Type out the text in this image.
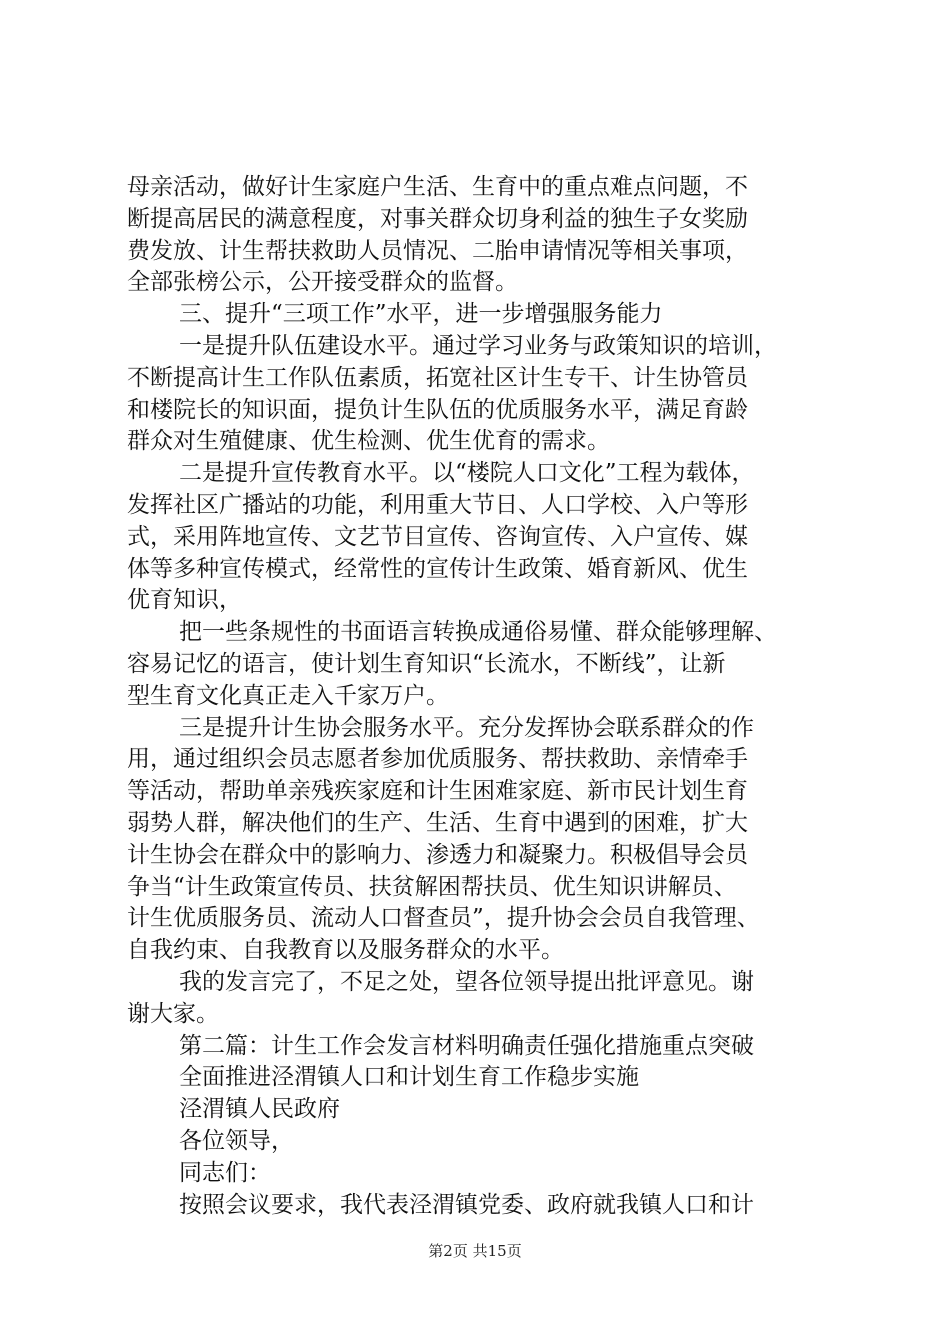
母亲活动，做好计生家庭户生活、生育中的重点难点问题，不
断提高居民的满意程度，对事关群众切身利益的独生子女奖励
费发放、计生帮扶救助人员情况、二胎申请情况等相关事项，
全部张榜公示，公开接受群众的监督。
三、提升“三项工作”水平，进一步增强服务能力
一是提升队伍建设水平。通过学习业务与政策知识的培训，
不断提高计生工作队伍素质，拓宽社区计生专干、计生协管员
和楼院长的知识面，提负计生队伍的优质服务水平，满足育龄
群众对生殖健康、优生检测、优生优育的需求。
二是提升宣传教育水平。以“楼院人口文化”工程为载体，
发挥社区广播站的功能，利用重大节日、人口学校、入户等形
式，采用阵地宣传、文艺节目宣传、咨询宣传、入户宣传、媒
体等多种宣传模式，经常性的宣传计生政策、婚育新风、优生
优育知识，
把一些条规性的书面语言转换成通俗易懂、群众能够理解、
容易记忆的语言，使计划生育知识“长流水，不断线”，让新
型生育文化真正走入千家万户。
三是提升计生协会服务水平。充分发挥协会联系群众的作
用，通过组织会员志愿者参加优质服务、帮扶救助、亲情牵手
等活动，帮助单亲残疾家庭和计生困难家庭、新市民计划生育
弱势人群，解决他们的生产、生活、生育中遇到的困难，扩大
计生协会在群众中的影响力、渗透力和凝聚力。积极倡导会员
争当“计生政策宣传员、扶贫解困帮扶员、优生知识讲解员、
计生优质服务员、流动人口督查员”，提升协会会员自我管理、
自我约束、自我教育以及服务群众的水平。
我的发言完了，不足之处，望各位领导提出批评意见。谢
谢大家。
第二篇：计生工作会发言材料明确责任强化措施重点突破
全面推进泾渭镇人口和计划生育工作稳步实施
泾渭镇人民政府
各位领导，
同志们：
按照会议要求，我代表泾渭镇党委、政府就我镇人口和计
第2页 共15页
